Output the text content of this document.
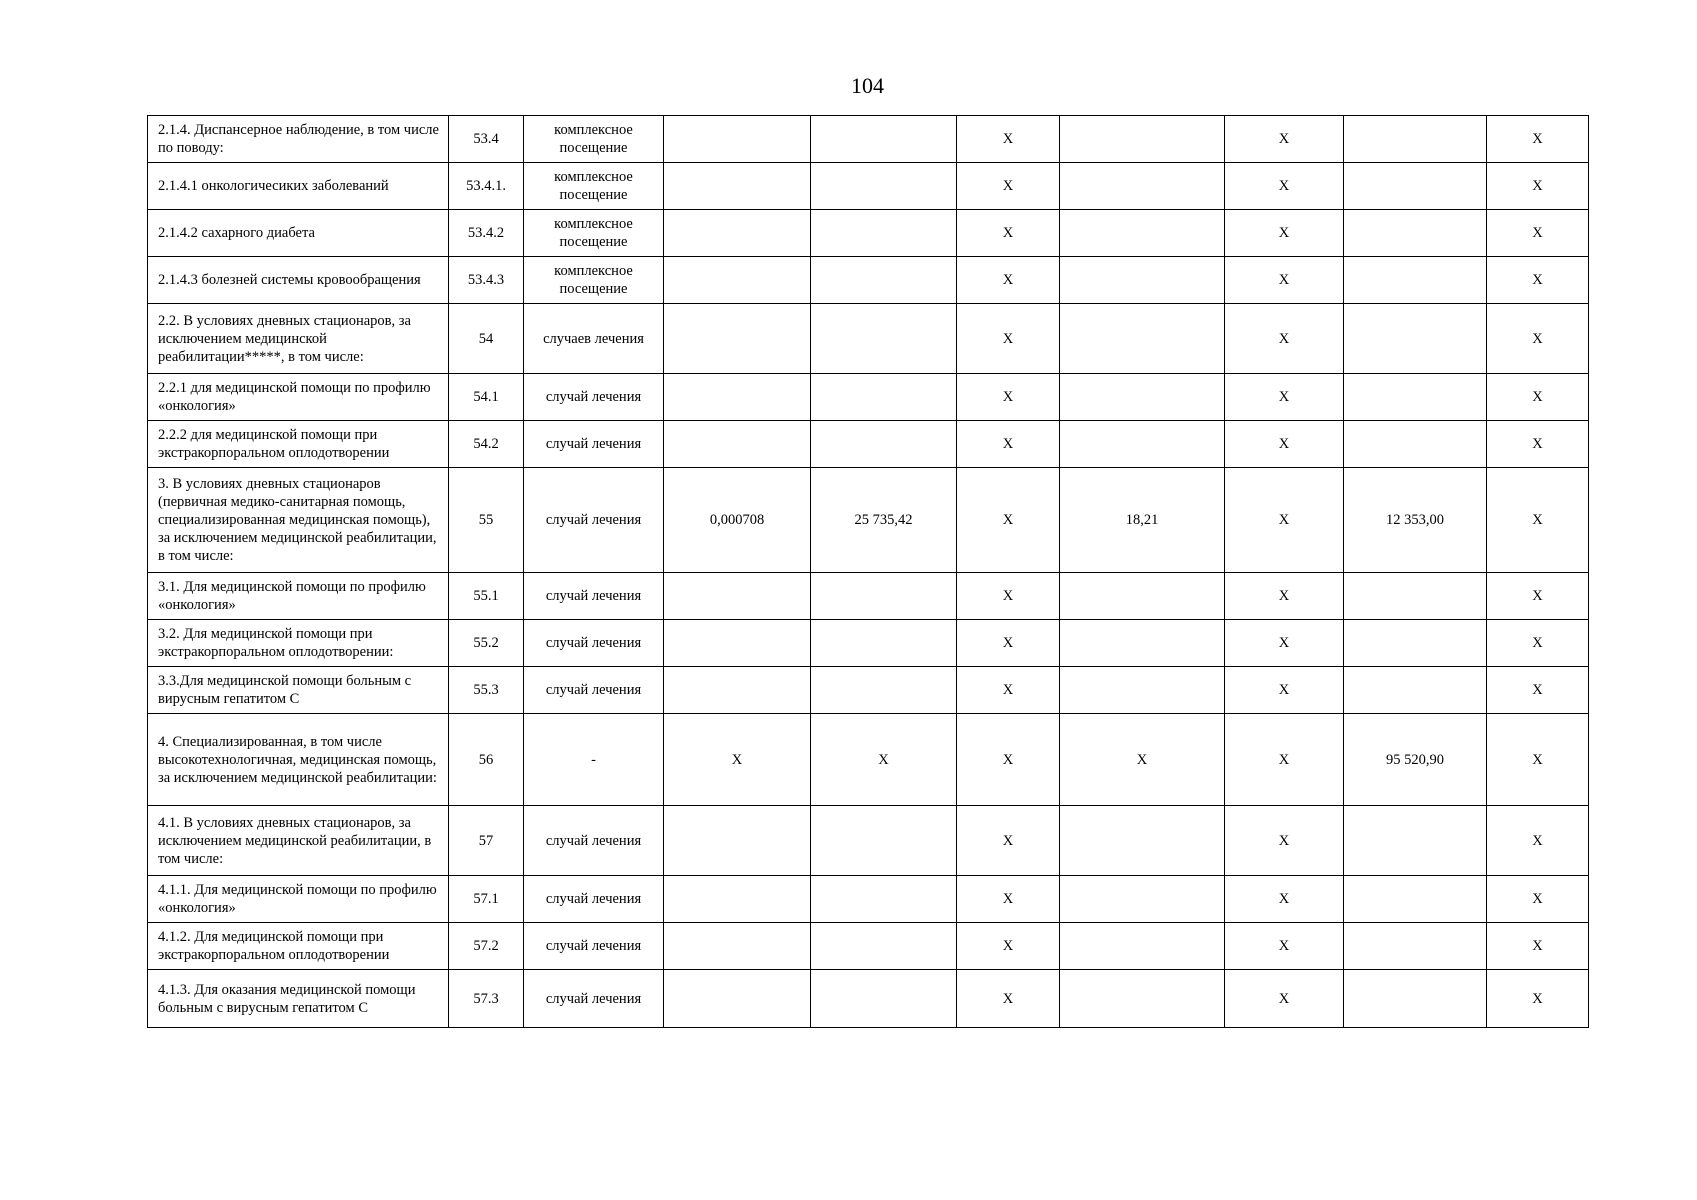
104
2.1.4. Диспансерное наблюдение, в том числе по поводу:	53.4	комплексное посещение			X		X		X
2.1.4.1 онкологичесиких заболеваний	53.4.1.	комплексное посещение			X		X		X
2.1.4.2 сахарного диабета	53.4.2	комплексное посещение			X		X		X
2.1.4.3 болезней системы кровообращения	53.4.3	комплексное посещение			X		X		X
2.2. В условиях дневных стационаров, за исключением медицинской реабилитации*****, в том числе:	54	случаев лечения			X		X		X
2.2.1 для медицинской помощи по профилю «онкология»	54.1	случай лечения			X		X		X
2.2.2 для медицинской помощи при экстракорпоральном оплодотворении	54.2	случай лечения			X		X		X
3. В условиях дневных стационаров (первичная медико-санитарная помощь, специализированная медицинская помощь), за исключением медицинской реабилитации, в том числе:	55	случай лечения	0,000708	25 735,42	X	18,21	X	12 353,00	X
3.1. Для медицинской помощи по профилю «онкология»	55.1	случай лечения			X		X		X
3.2. Для медицинской помощи при экстракорпоральном оплодотворении:	55.2	случай лечения			X		X		X
3.3.Для медицинской помощи больным с вирусным гепатитом С	55.3	случай лечения			X		X		X
4. Специализированная, в том числе высокотехнологичная, медицинская помощь, за исключением медицинской реабилитации:	56	-	X	X	X	X	X	95 520,90	X
4.1. В условиях дневных стационаров, за исключением медицинской реабилитации, в том числе:	57	случай лечения			X		X		X
4.1.1. Для медицинской помощи по профилю «онкология»	57.1	случай лечения			X		X		X
4.1.2. Для медицинской помощи при экстракорпоральном оплодотворении	57.2	случай лечения			X		X		X
4.1.3. Для оказания медицинской помощи больным с вирусным гепатитом С	57.3	случай лечения			X		X		X
